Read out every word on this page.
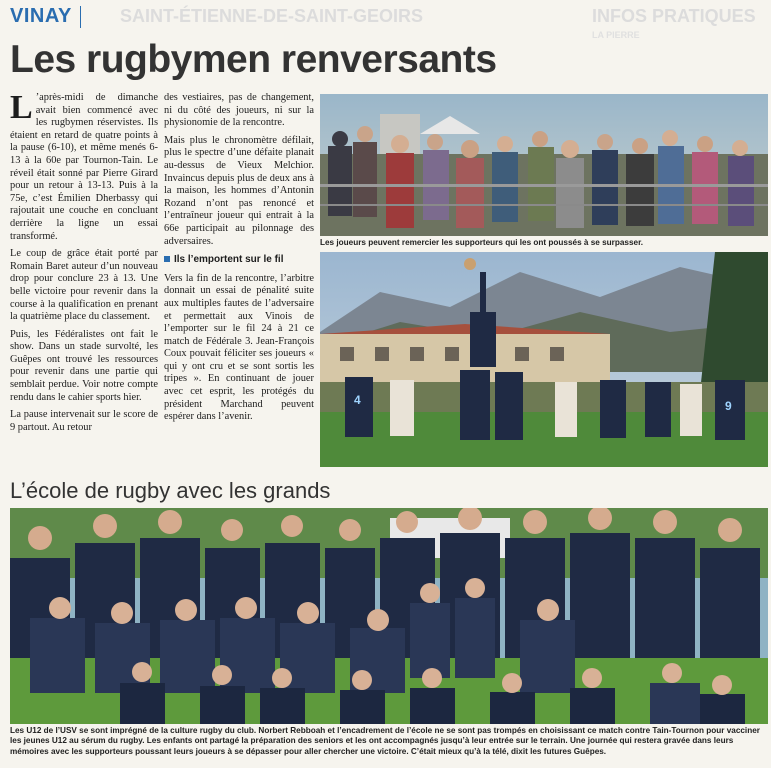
VINAY	SAINT-ÉTIENNE-DE-SAINT-GEOIRS	INFOS PRATIQUES
LA PIERRE
Les rugbymen renversants

L ’après-midi de dimanche avait bien commencé avec les rugbymen réservistes. Ils étaient en retard de quatre points à la pause (6-10), et même menés 6-13 à la 60e par Tournon-Tain. Le réveil était sonné par Pierre Girard pour un retour à 13-13. Puis à la 75e, c’est Émilien Dherbassy qui rajoutait une couche en concluant derrière la ligne un essai transformé.

Le coup de grâce était porté par Romain Baret auteur d’un nouveau drop pour conclure 23 à 13. Une belle victoire pour revenir dans la course à la qualification en prenant la quatrième place du classement.

Puis, les Fédéralistes ont fait le show. Dans un stade survolté, les Guêpes ont trouvé les ressources pour revenir dans une partie qui semblait perdue. Voir notre compte rendu dans le cahier sports hier.

La pause intervenait sur le score de 9 partout. Au retour

des vestiaires, pas de changement, ni du côté des joueurs, ni sur la physionomie de la rencontre.

Mais plus le chronomètre défilait, plus le spectre d’une défaite planait au-dessus de Vieux Melchior. Invaincus depuis plus de deux ans à la maison, les hommes d’Antonin Rozand n’ont pas renoncé et l’entraîneur joueur qui entrait à la 66e participait au pilonnage des adversaires.

Ils l’emportent sur le fil

Vers la fin de la rencontre, l’arbitre donnait un essai de pénalité suite aux multiples fautes de l’adversaire et permettait aux Vinois de l’emporter sur le fil 24 à 21 ce match de Fédérale 3. Jean-François Coux pouvait féliciter ses joueurs « qui y ont cru et se sont sortis les tripes ». En continuant de jouer avec cet esprit, les protégés du président Marchand peuvent espérer dans l’avenir.

Les joueurs peuvent remercier les supporteurs qui les ont poussés à se surpasser.
4	9
L’école de rugby avec les grands
Les U12 de l’USV se sont imprégné de la culture rugby du club. Norbert Rebboah et l’encadrement de l’école ne se sont pas trompés en choisissant ce match contre Tain-Tournon pour vacciner les jeunes U12 au sérum du rugby. Les enfants ont partagé la préparation des seniors et les ont accompagnés jusqu’à leur entrée sur le terrain. Une journée qui restera gravée dans leurs mémoires avec les supporteurs poussant leurs joueurs à se dépasser pour aller chercher une victoire. C’était mieux qu’à la télé, dixit les futures Guêpes.
